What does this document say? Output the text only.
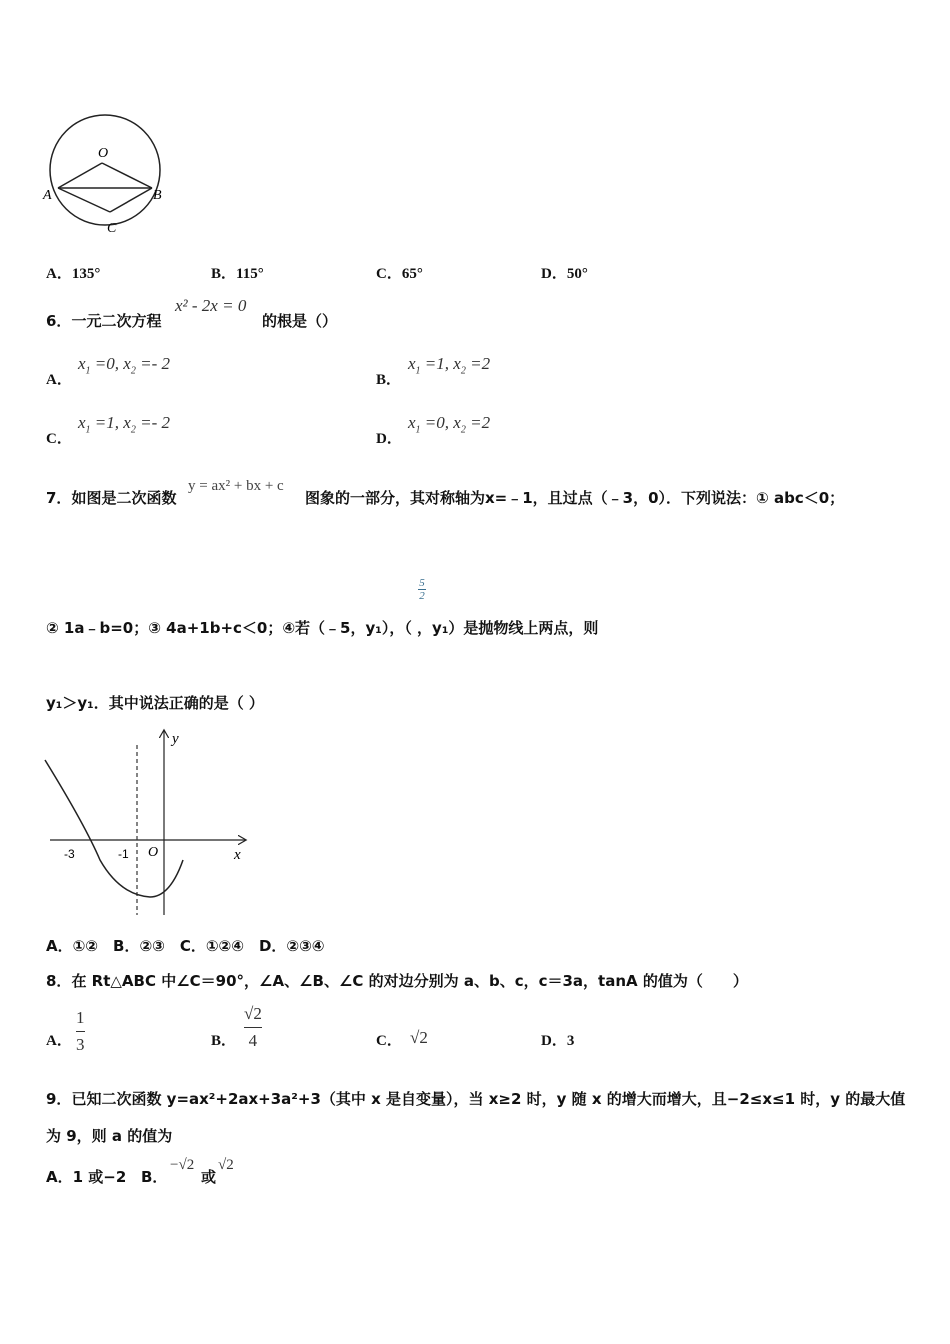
O
A	B
C
A．135°	B．115°	C．65°	D．50°
6．一元二次方程
x² - 2x = 0
的根是（）
A．
$x_1 =0$, $x_2 =- 2$
B．
$x_1 =1$, $x_2 =2$
C．
$x_1 =1$, $x_2 =- 2$
D．
$x_1 =0$, $x_2 =2$
7．如图是二次函数
y = ax² + bx + c
图象的一部分，其对称轴为x=﹣1，且过点（﹣3，0）．下列说法：① abc＜0；
5
2
② 1a﹣b=0；③ 4a+1b+c＜0；④若（﹣5，y₁），（ ，y₁）是抛物线上两点，则
y₁＞y₁．其中说法正确的是（ ）
y
x
O
-3	-1
A．①②　B．②③　C．①②④　D．②③④
8．在 Rt△ABC 中∠C＝90°，∠A、∠B、∠C 的对边分别为 a、b、c，c＝3a，tanA 的值为（　　）
A．
1
3	B．
√2
4	C． √2	D．3
9．已知二次函数 y=ax²+2ax+3a²+3（其中 x 是自变量），当 x≥2 时，y 随 x 的增大而增大，且−2≤x≤1 时，y 的最大值
为 9，则 a 的值为
A．1 或−2 B．
−√2
或
√2
